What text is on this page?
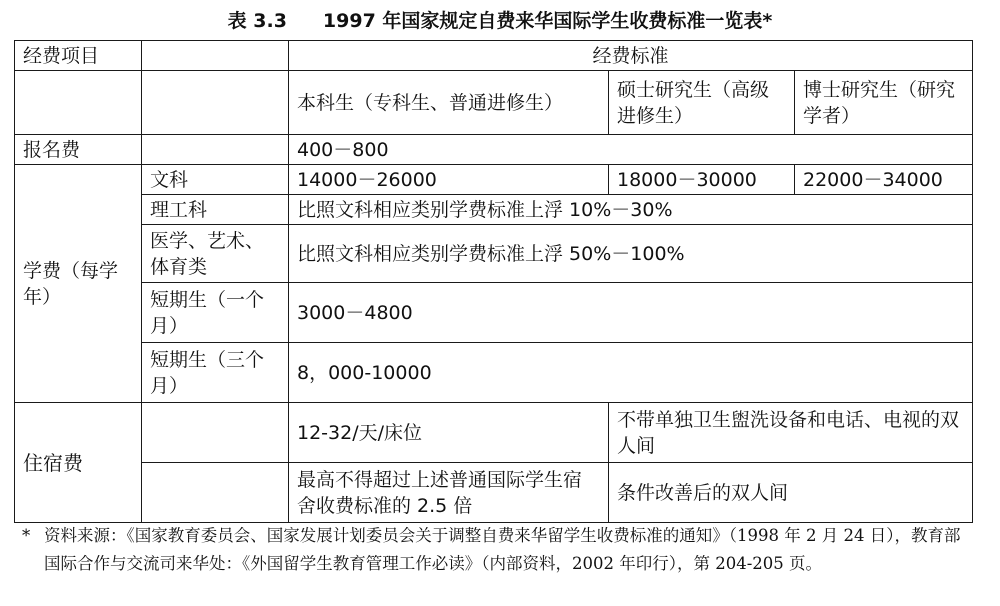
表 3.3 1997 年国家规定自费来华国际学生收费标准一览表*
经费项目		经费标准		
		本科生（专科生、普通进修生）	硕士研究生（高级进修生）	博士研究生（研究学者）
报名费		400－800		
学费（每学年）	文科	14000－26000	18000－30000	22000－34000
	理工科	比照文科相应类别学费标准上浮 10%－30%		
	医学、艺术、体育类	比照文科相应类别学费标准上浮 50%－100%		
	短期生（一个月）	3000－4800		
	短期生（三个月）	8，000-10000		
住宿费		12-32/天/床位	不带单独卫生盥洗设备和电话、电视的双人间	
		最高不得超过上述普通国际学生宿舍收费标准的 2.5 倍	条件改善后的双人间	
* 资料来源：《国家教育委员会、国家发展计划委员会关于调整自费来华留学生收费标准的通知》（1998 年 2 月 24 日），教育部国际合作与交流司来华处：《外国留学生教育管理工作必读》（内部资料，2002 年印行），第 204-205 页。
